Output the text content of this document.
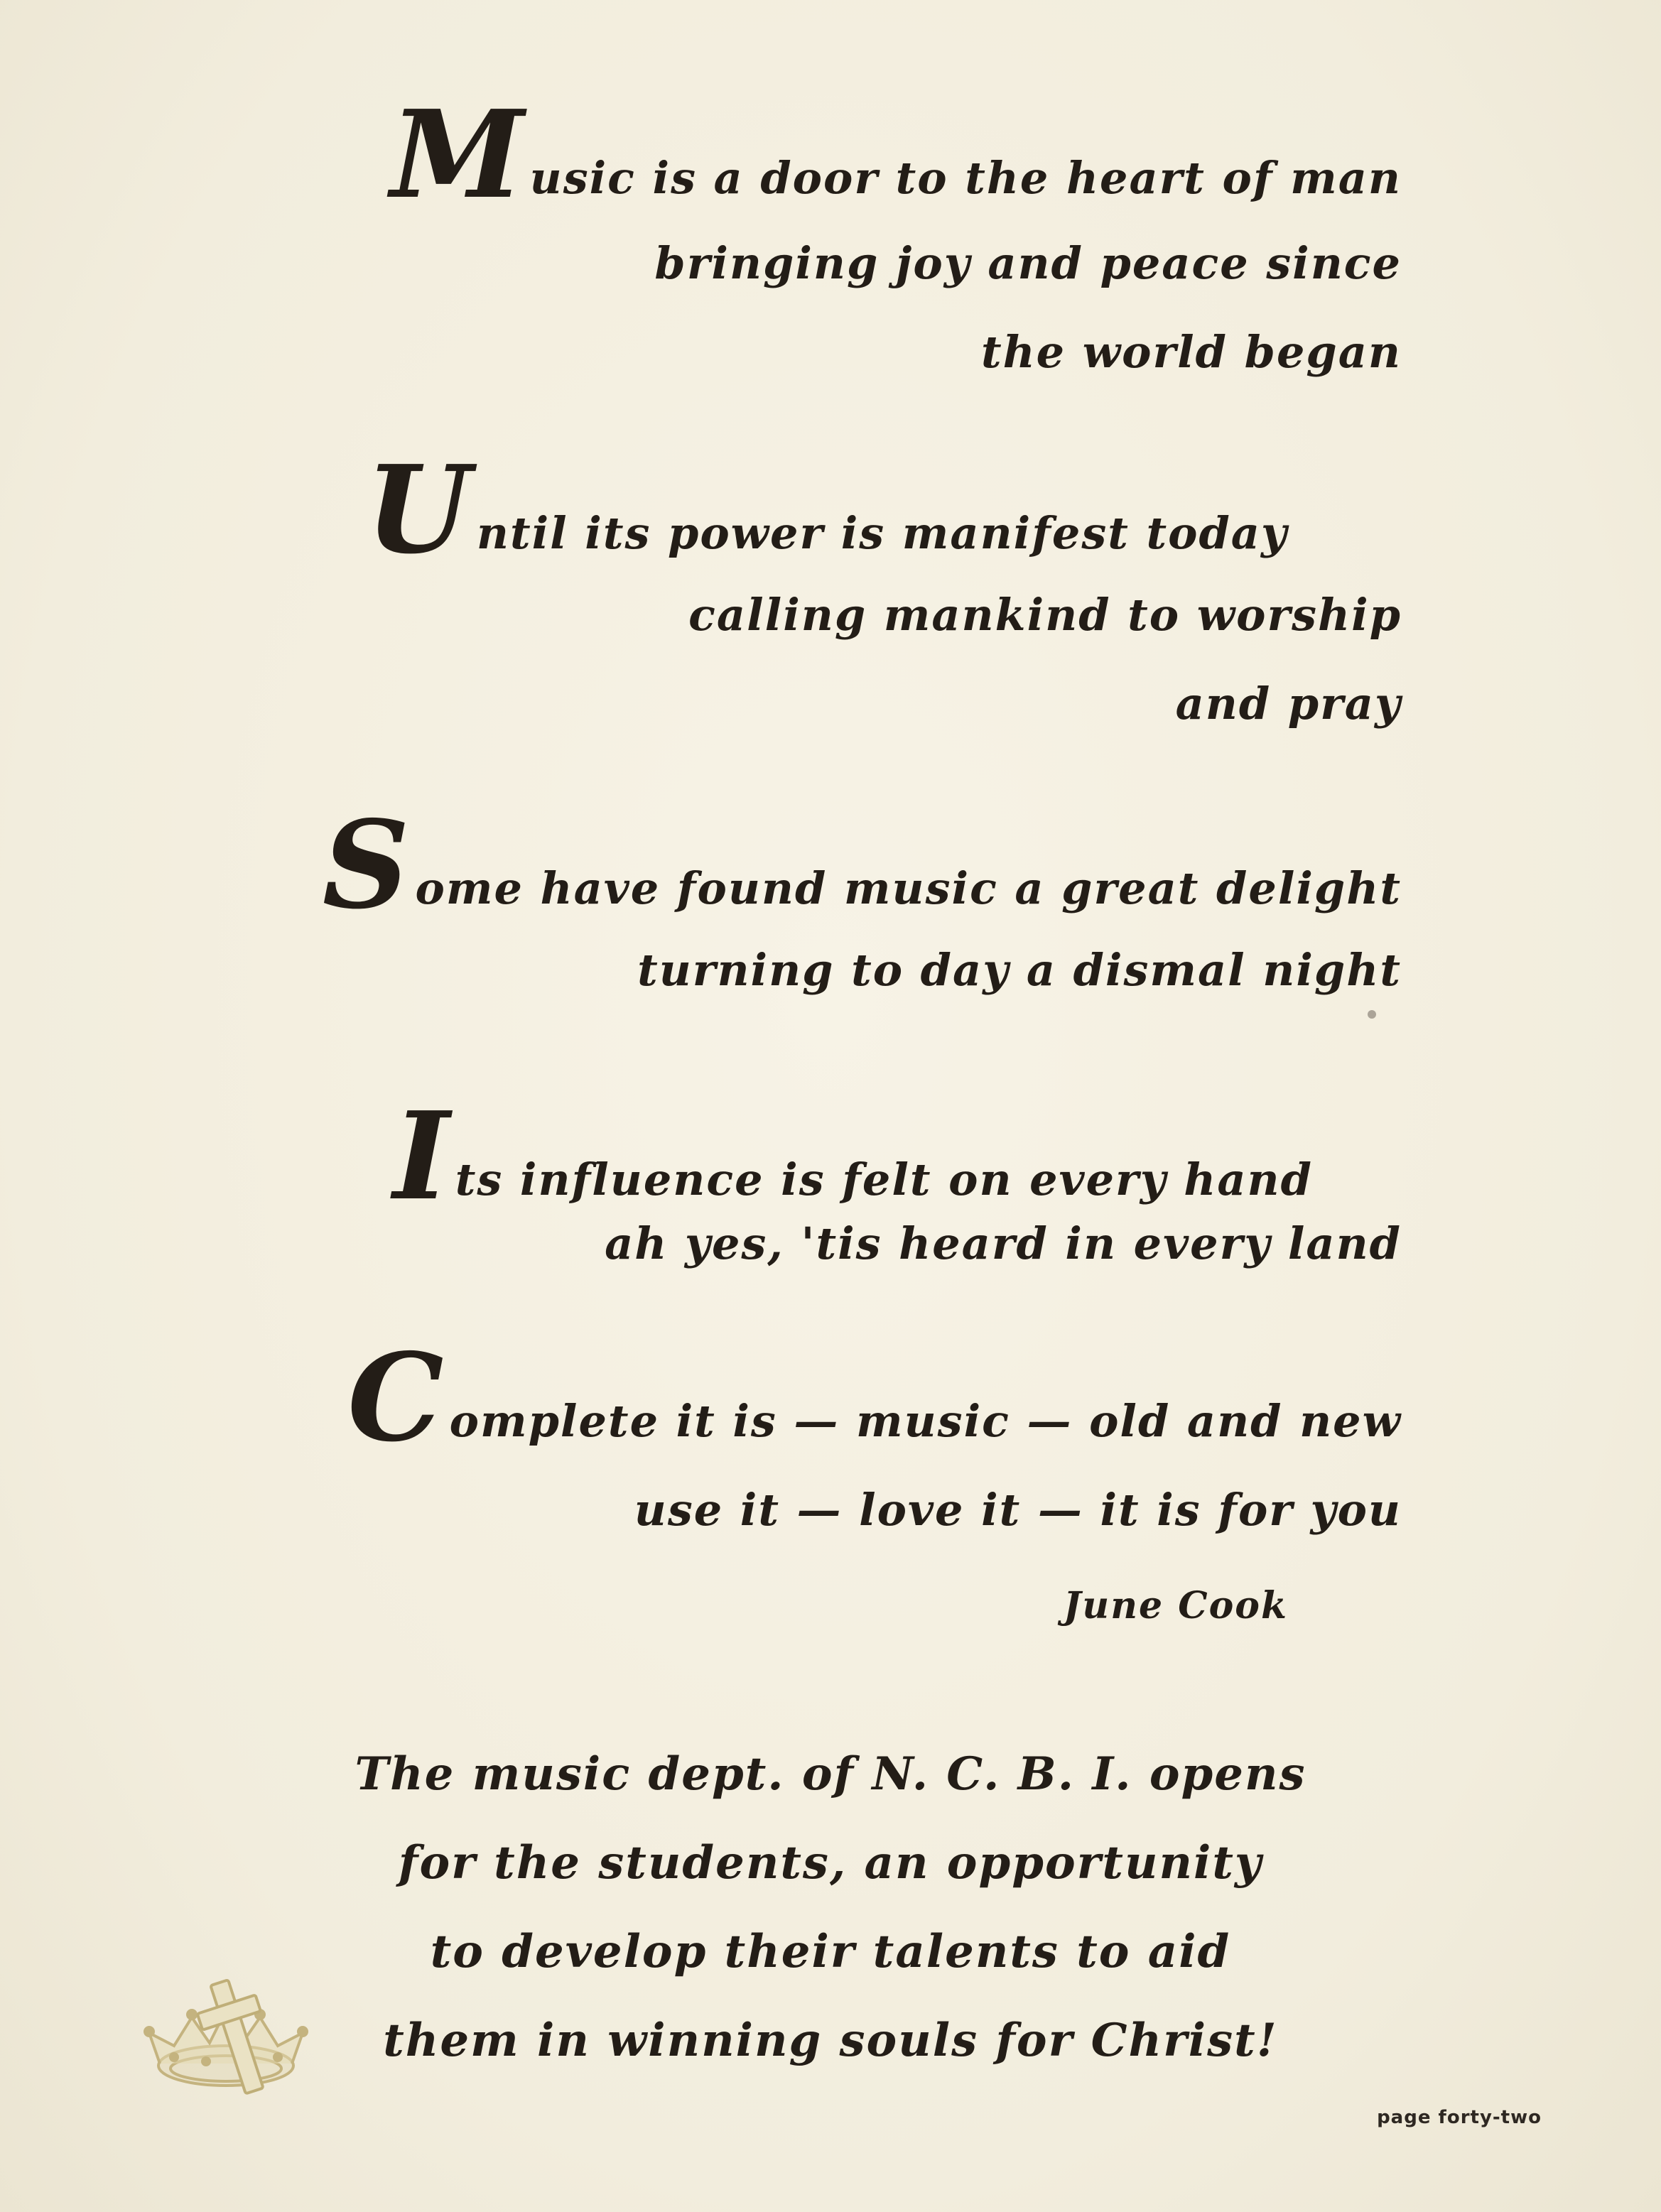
M usic is a door to the heart of man
bringing joy and peace since
the world began
U ntil its power is manifest today
calling mankind to worship
and pray
S ome have found music a great delight
turning to day a dismal night
I ts influence is felt on every hand
ah yes, 'tis heard in every land
C omplete it is — music — old and new
use it — love it — it is for you
June Cook
The music dept. of N. C. B. I. opens
for the students, an opportunity
to develop their talents to aid
them in winning souls for Christ!
page forty-two
